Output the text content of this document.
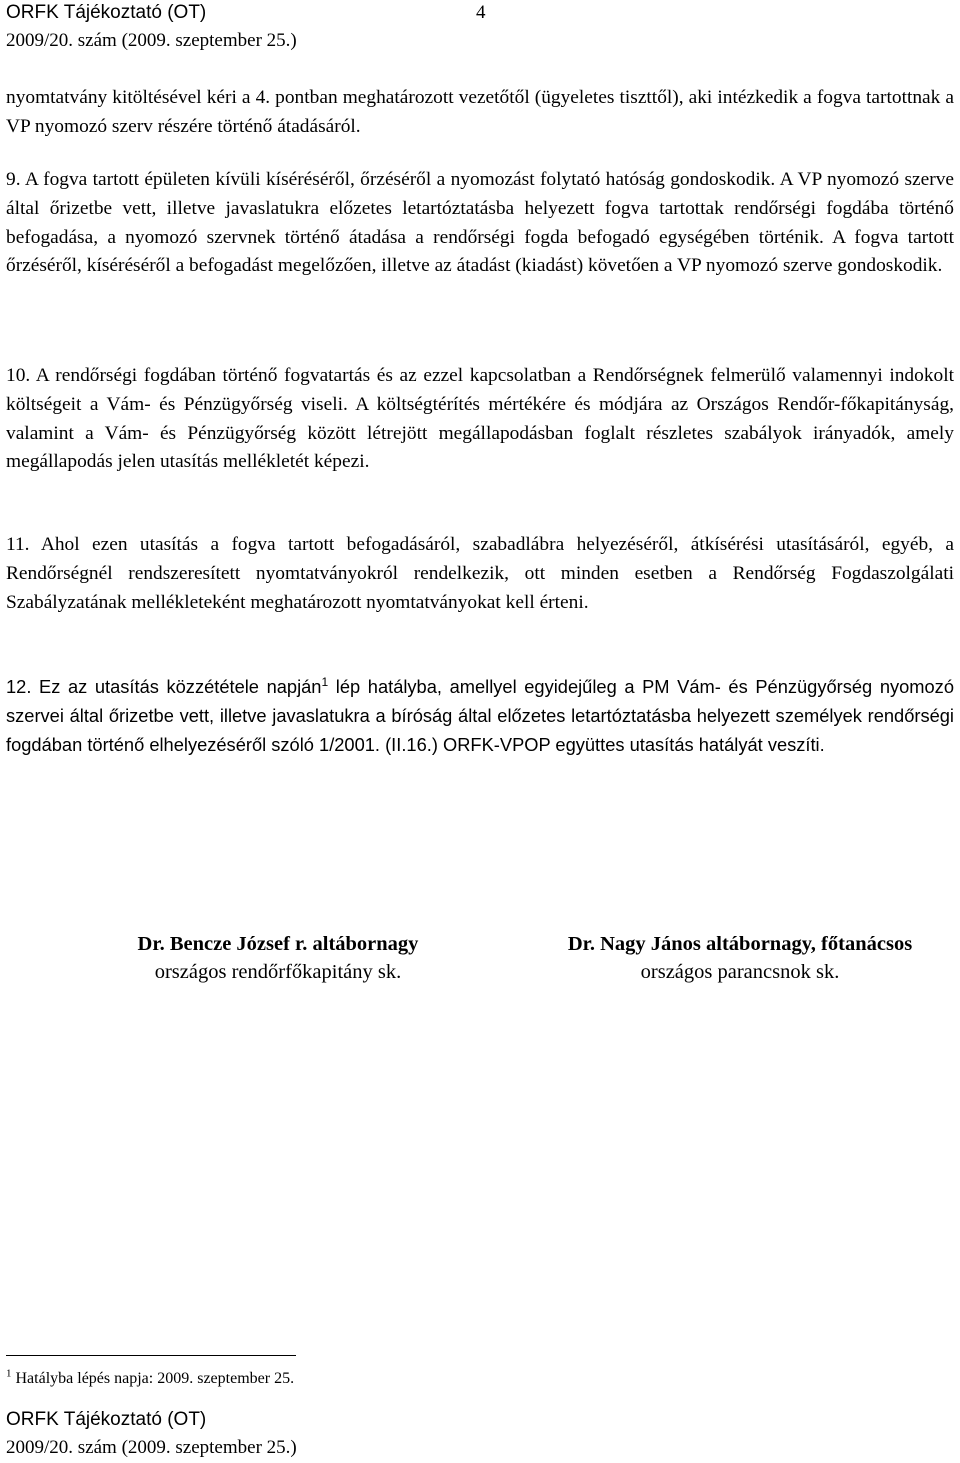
ORFK Tájékoztató (OT)
2009/20. szám (2009. szeptember 25.)
4
nyomtatvány kitöltésével kéri a 4. pontban meghatározott vezetőtől (ügyeletes tiszttől), aki intézkedik a fogva tartottnak a VP nyomozó szerv részére történő átadásáról.
9. A fogva tartott épületen kívüli kíséréséről, őrzéséről a nyomozást folytató hatóság gondoskodik. A VP nyomozó szerve által őrizetbe vett, illetve javaslatukra előzetes letartóztatásba helyezett fogva tartottak rendőrségi fogdába történő befogadása, a nyomozó szervnek történő átadása a rendőrségi fogda befogadó egységében történik. A fogva tartott őrzéséről, kíséréséről a befogadást megelőzően, illetve az átadást (kiadást) követően a VP nyomozó szerve gondoskodik.
10. A rendőrségi fogdában történő fogvatartás és az ezzel kapcsolatban a Rendőrségnek felmerülő valamennyi indokolt költségeit a Vám- és Pénzügyőrség viseli. A költségtérítés mértékére és módjára az Országos Rendőr-főkapitányság, valamint a Vám- és Pénzügyőrség között létrejött megállapodásban foglalt részletes szabályok irányadók, amely megállapodás jelen utasítás mellékletét képezi.
11. Ahol ezen utasítás a fogva tartott befogadásáról, szabadlábra helyezéséről, átkísérési utasításáról, egyéb, a Rendőrségnél rendszeresített nyomtatványokról rendelkezik, ott minden esetben a Rendőrség Fogdaszolgálati Szabályzatának mellékleteként meghatározott nyomtatványokat kell érteni.
12. Ez az utasítás közzététele napján$^1$ lép hatályba, amellyel egyidejűleg a PM Vám- és Pénzügyőrség nyomozó szervei által őrizetbe vett, illetve javaslatukra a bíróság által előzetes letartóztatásba helyezett személyek rendőrségi fogdában történő elhelyezéséről szóló 1/2001. (II.16.) ORFK-VPOP együttes utasítás hatályát veszíti.
Dr. Bencze József r. altábornagy
országos rendőrfőkapitány sk.
Dr. Nagy János altábornagy, főtanácsos
országos parancsnok sk.
$^1$ Hatályba lépés napja: 2009. szeptember 25.
ORFK Tájékoztató (OT)
2009/20. szám (2009. szeptember 25.)
